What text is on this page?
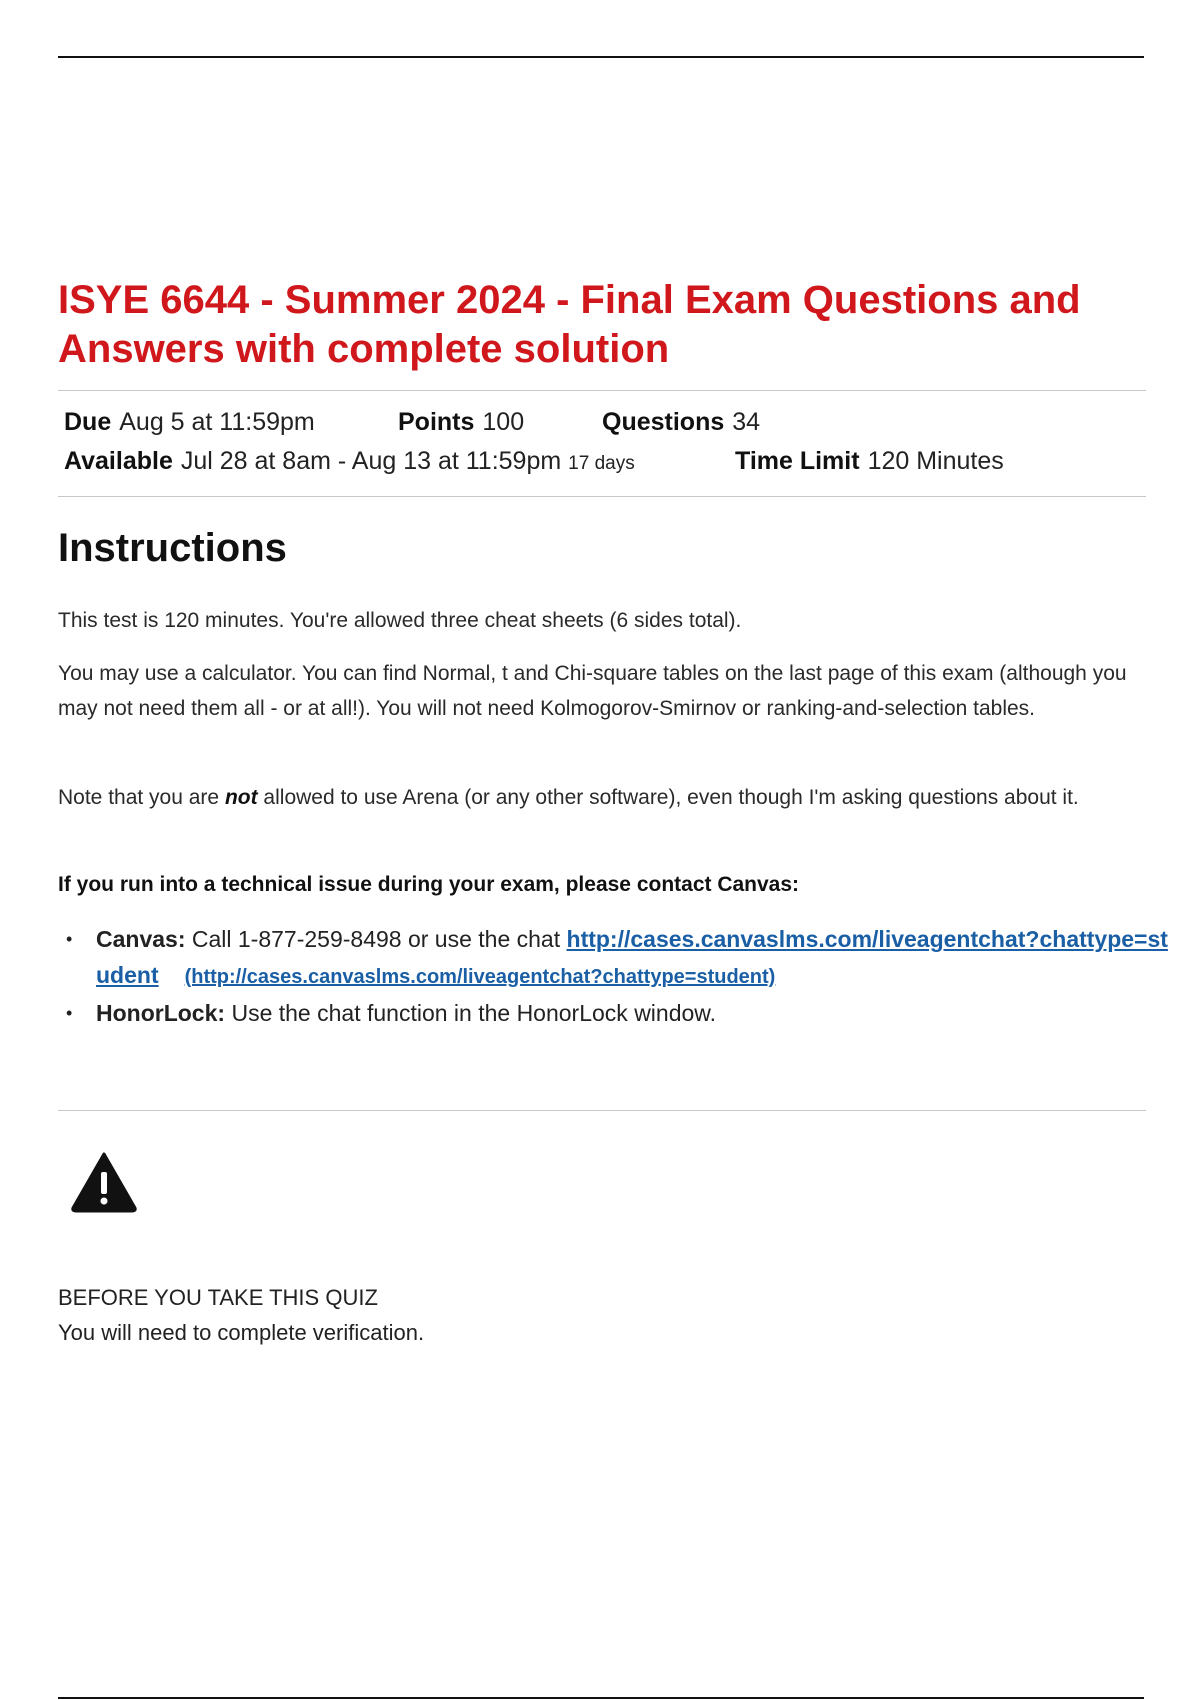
ISYE 6644 - Summer 2024 - Final Exam Questions and Answers with complete solution
Due Aug 5 at 11:59pm	Points 100	Questions 34
Available Jul 28 at 8am - Aug 13 at 11:59pm 17 days	Time Limit 120 Minutes
Instructions

This test is 120 minutes. You're allowed three cheat sheets (6 sides total).

You may use a calculator. You can find Normal, t and Chi-square tables on the last page of this exam (although you may not need them all - or at all!). You will not need Kolmogorov-Smirnov or ranking-and-selection tables.

Note that you are not allowed to use Arena (or any other software), even though I'm asking questions about it.

If you run into a technical issue during your exam, please contact Canvas:

• Canvas: Call 1-877-259-8498 or use the chat http://cases.canvaslms.com/liveagentchat?chattype=student (http://cases.canvaslms.com/liveagentchat?chattype=student)
• HonorLock: Use the chat function in the HonorLock window.
BEFORE YOU TAKE THIS QUIZ
You will need to complete verification.
